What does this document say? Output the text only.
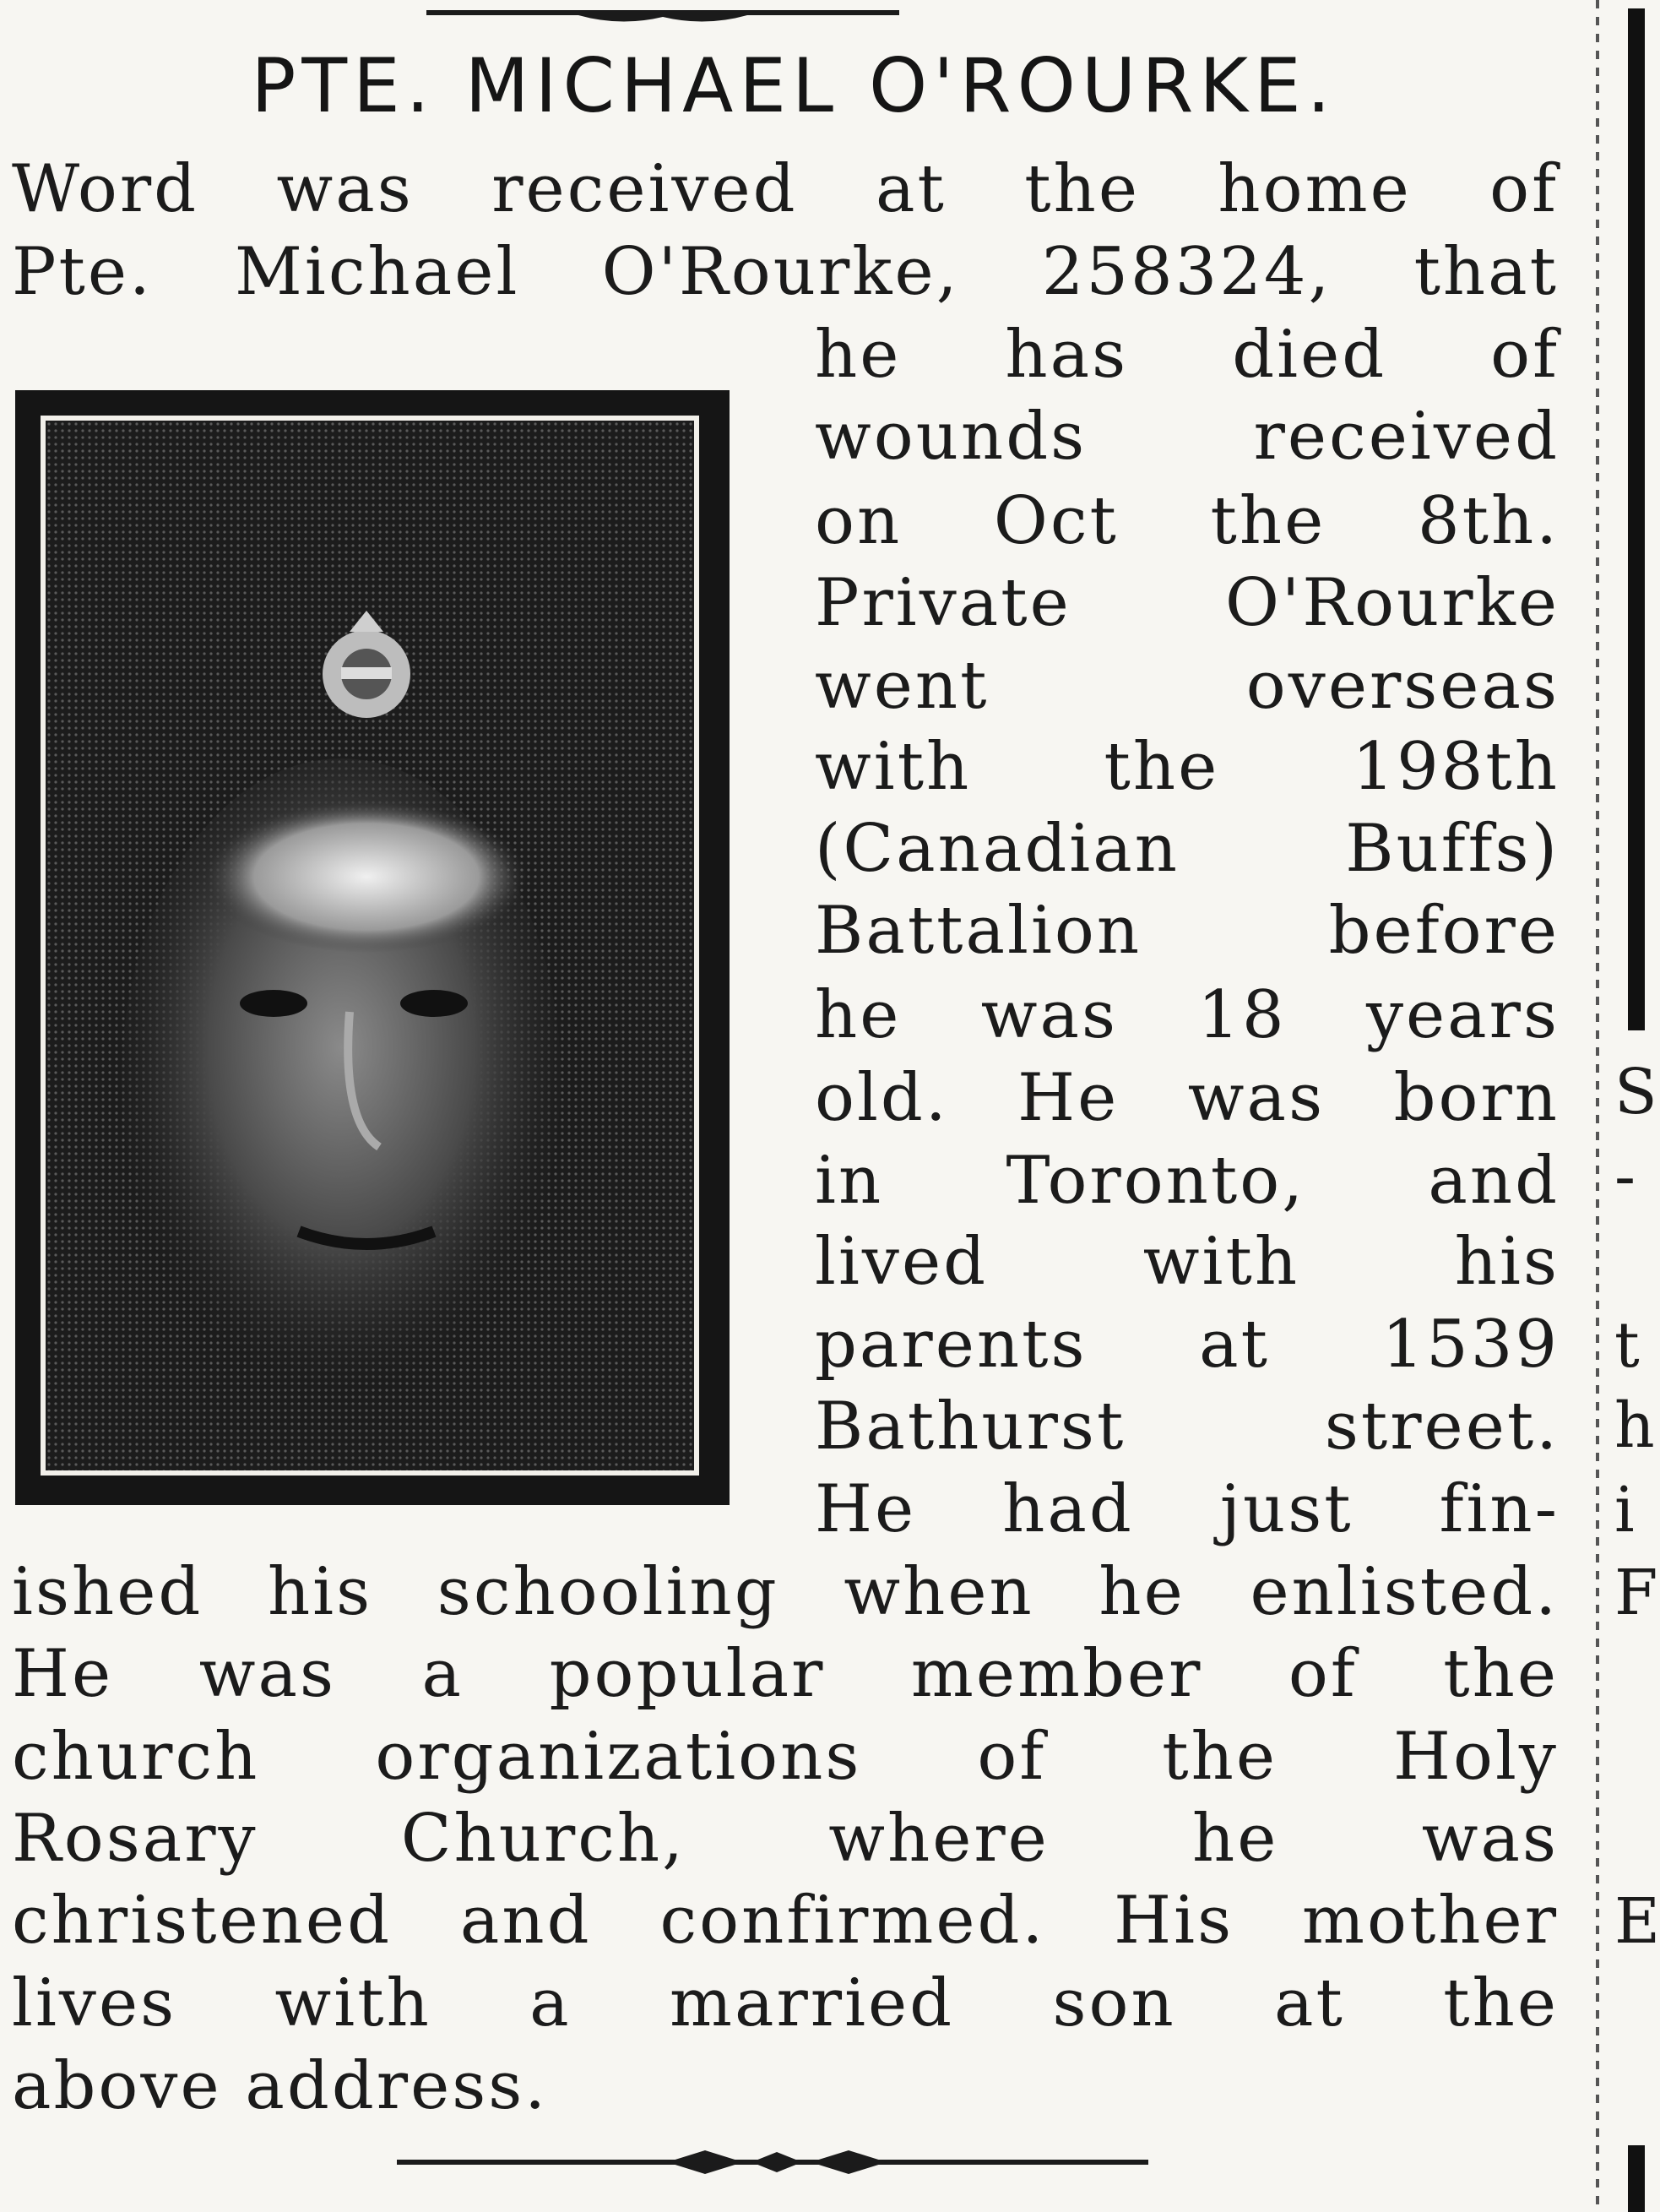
PTE. MICHAEL O'ROURKE.
Word was received at the home of
Pte. Michael O'Rourke, 258324, that
he has died of
wounds received
on Oct the 8th.
Private O'Rourke
went overseas
with the 198th
(Canadian Buffs)
Battalion before
he was 18 years
old. He was born
in Toronto, and
lived with his
parents at 1539
Bathurst street.
He had just fin-
ished his schooling when he enlisted.
He was a popular member of the
church organizations of the Holy
Rosary Church, where he was
christened and confirmed. His mother
lives with a married son at the
above address.
S
-
t
h
i
F
E
